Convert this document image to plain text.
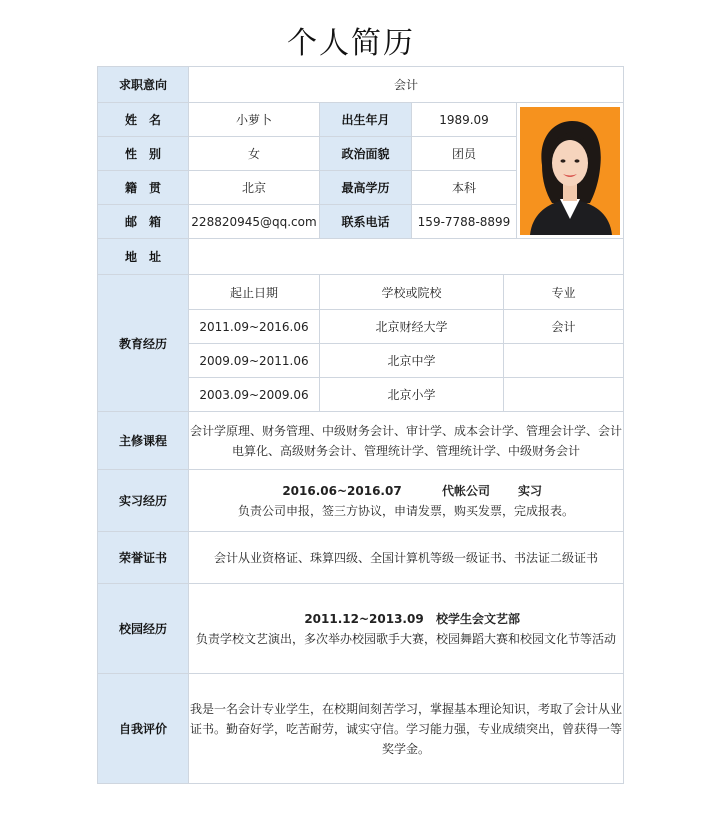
个人简历
求职意向	会计				
姓　名	小萝卜	出生年月	1989.09	

性　别	女	政治面貌	团员		
籍　贯	北京	最高学历	本科		
邮　箱	228820945@qq.com	联系电话	159-7788-8899		
地　址					
教育经历	起止日期	学校或院校		专业	
	2011.09~2016.06	北京财经大学		会计	
	2009.09~2011.06	北京中学			
	2003.09~2009.06	北京小学			
主修课程	会计学原理、财务管理、中级财务会计、审计学、成本会计学、管理会计学、会计电算化、高级财务会计、管理统计学、管理统计学、中级财务会计				
实习经历	2016.06~2016.07 代帐公司 实习
负责公司申报，签三方协议，申请发票，购买发票，完成报表。				

荣誉证书	会计从业资格证、珠算四级、全国计算机等级一级证书、书法证二级证书				
校园经历	2011.12~2013.09 校学生会文艺部
负责学校文艺演出，多次举办校园歌手大赛，校园舞蹈大赛和校园文化节等活动				

自我评价	我是一名会计专业学生，在校期间刻苦学习，掌握基本理论知识，考取了会计从业证书。勤奋好学，吃苦耐劳，诚实守信。学习能力强，专业成绩突出，曾获得一等奖学金。				
